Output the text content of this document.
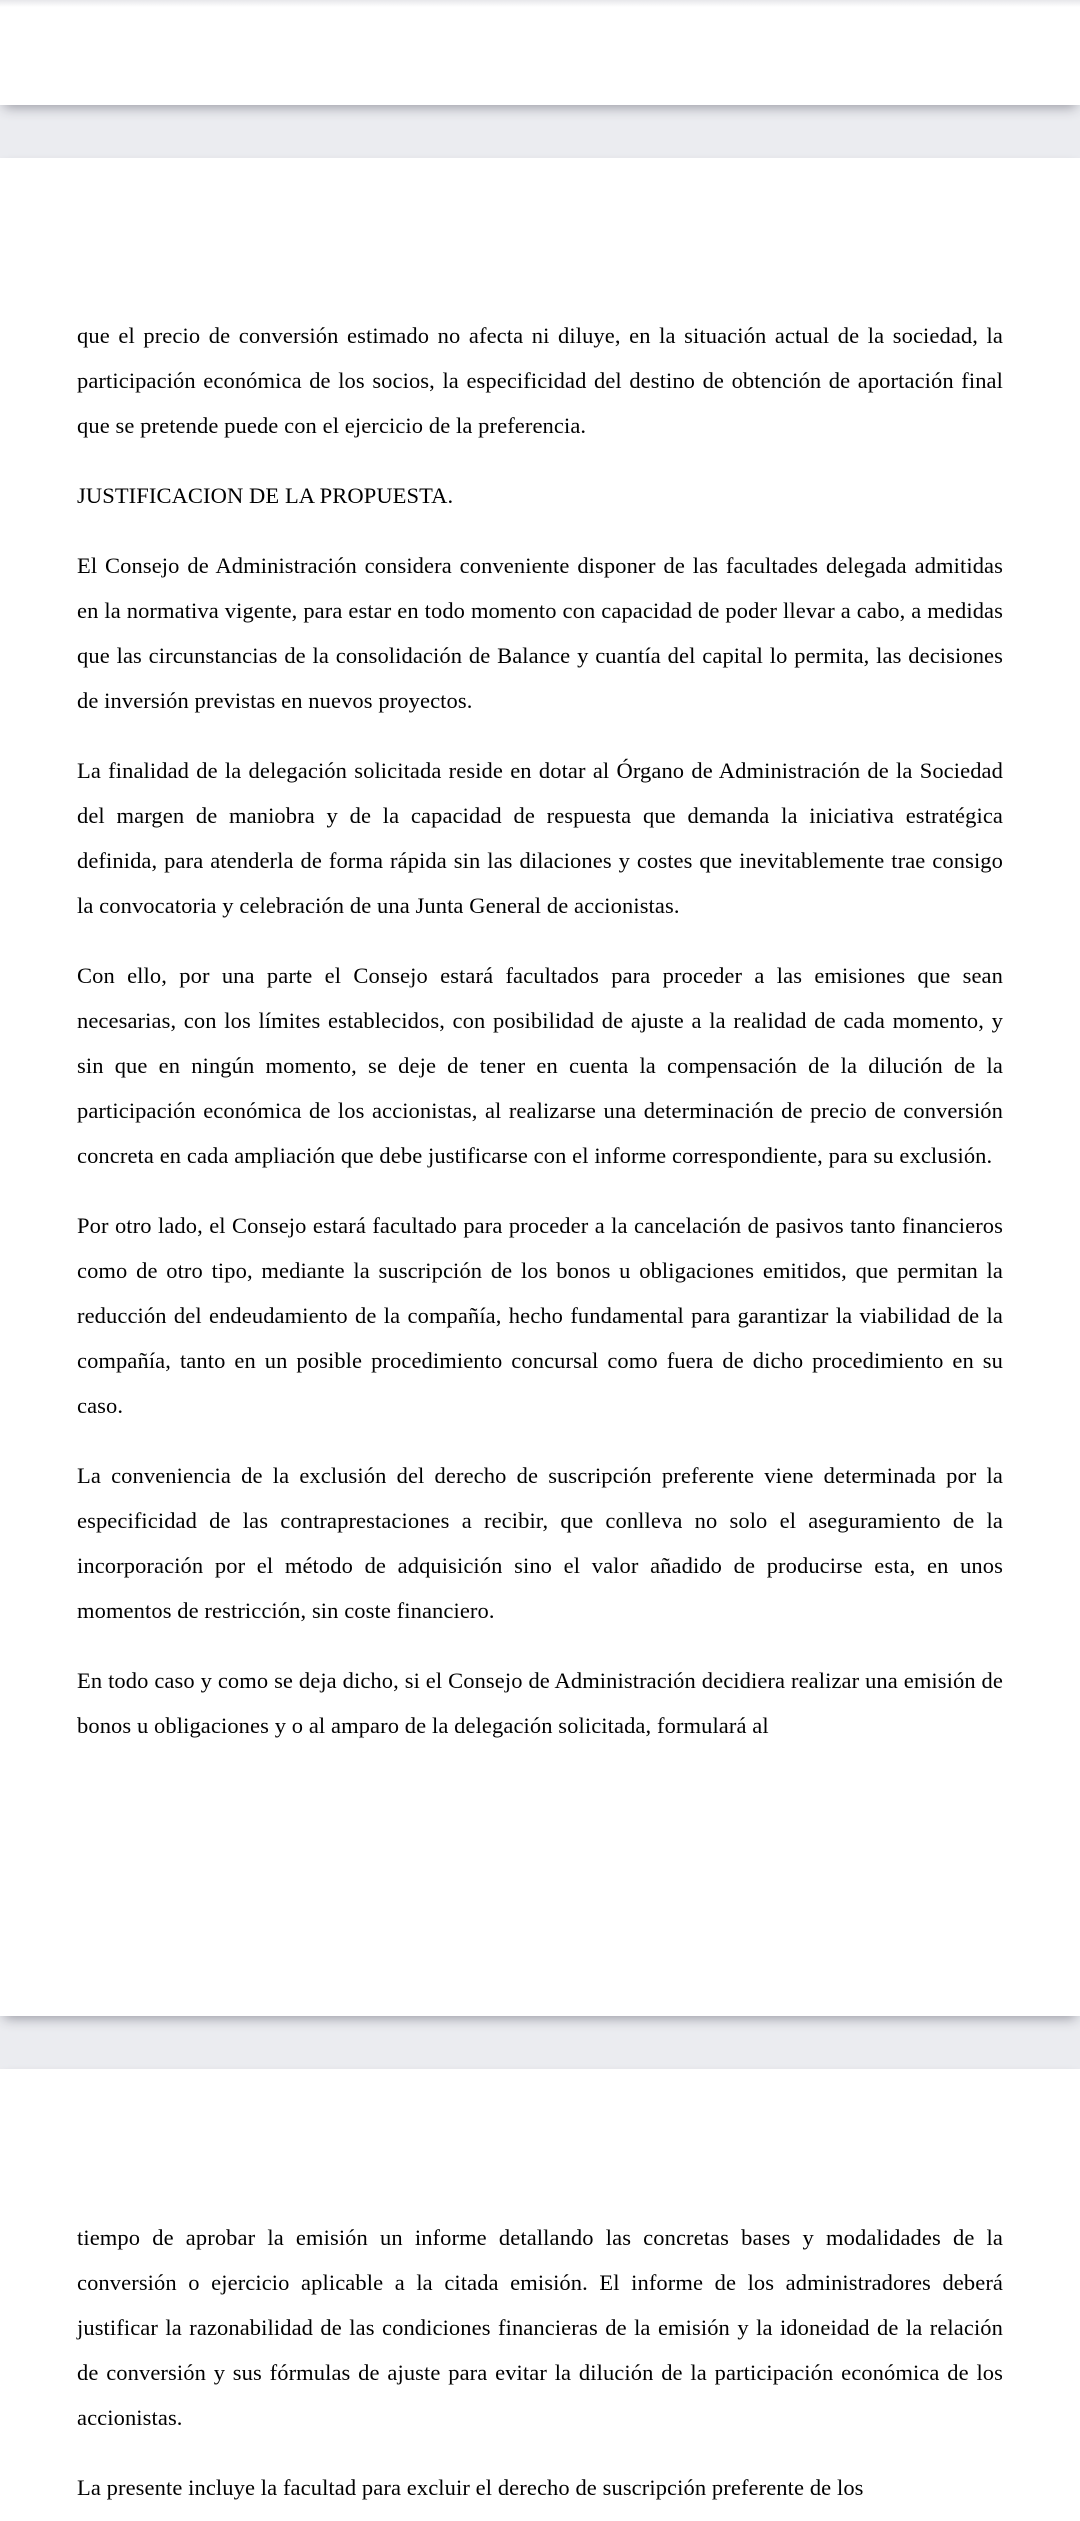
que el precio de conversión estimado no afecta ni diluye, en la situación actual de la sociedad, la participación económica de los socios, la especificidad del destino de obtención de aportación final que se pretende puede con el ejercicio de la preferencia.

JUSTIFICACION DE LA PROPUESTA.

El Consejo de Administración considera conveniente disponer de las facultades delegada admitidas en la normativa vigente, para estar en todo momento con capacidad de poder llevar a cabo, a medidas que las circunstancias de la consolidación de Balance y cuantía del capital lo permita, las decisiones de inversión previstas en nuevos proyectos.

La finalidad de la delegación solicitada reside en dotar al Órgano de Administración de la Sociedad del margen de maniobra y de la capacidad de respuesta que demanda la iniciativa estratégica definida, para atenderla de forma rápida sin las dilaciones y costes que inevitablemente trae consigo la convocatoria y celebración de una Junta General de accionistas.

Con ello, por una parte el Consejo estará facultados para proceder a las emisiones que sean necesarias, con los límites establecidos, con posibilidad de ajuste a la realidad de cada momento, y sin que en ningún momento, se deje de tener en cuenta la compensación de la dilución de la participación económica de los accionistas, al realizarse una determinación de precio de conversión concreta en cada ampliación que debe justificarse con el informe correspondiente, para su exclusión.

Por otro lado, el Consejo estará facultado para proceder a la cancelación de pasivos tanto financieros como de otro tipo, mediante la suscripción de los bonos u obligaciones emitidos, que permitan la reducción del endeudamiento de la compañía, hecho fundamental para garantizar la viabilidad de la compañía, tanto en un posible procedimiento concursal como fuera de dicho procedimiento en su caso.

La conveniencia de la exclusión del derecho de suscripción preferente viene determinada por la especificidad de las contraprestaciones a recibir, que conlleva no solo el aseguramiento de la incorporación por el método de adquisición sino el valor añadido de producirse esta, en unos momentos de restricción, sin coste financiero.

En todo caso y como se deja dicho, si el Consejo de Administración decidiera realizar una emisión de bonos u obligaciones y o al amparo de la delegación solicitada, formulará al

tiempo de aprobar la emisión un informe detallando las concretas bases y modalidades de la conversión o ejercicio aplicable a la citada emisión. El informe de los administradores deberá justificar la razonabilidad de las condiciones financieras de la emisión y la idoneidad de la relación de conversión y sus fórmulas de ajuste para evitar la dilución de la participación económica de los accionistas.

La presente incluye la facultad para excluir el derecho de suscripción preferente de los
